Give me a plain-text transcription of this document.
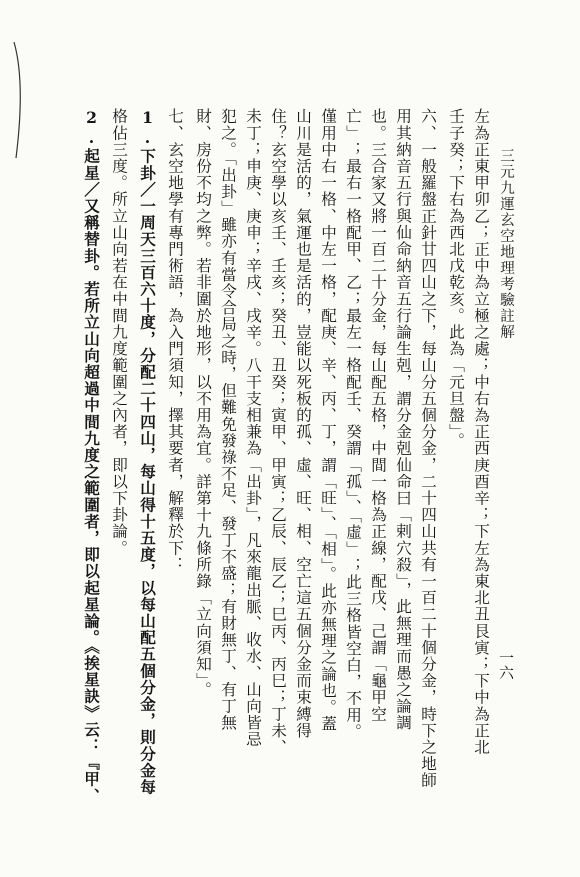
三元九運玄空地理考驗註解
一六
左為正東甲卯乙；正中為立極之處；中右為正西庚酉辛；下左為東北丑艮寅；下中為正北
壬子癸；下右為西北戊乾亥。此為「元旦盤」。
六、一般羅盤正針廿四山之下，每山分五個分金，二十四山共有一百二十個分金，時下之地師
用其納音五行與仙命納音五行論生剋，謂分金剋仙命曰「剌穴殺」，此無理而愚之論調
也。三合家又將一百二十分金，每山配五格，中間一格為正線，配戊、己謂「龜甲空
亡」；最右一格配甲、乙；最左一格配壬、癸謂「孤」、「虛」；此三格皆空白，不用。
僅用中右一格、中左一格，配庚、辛、丙、丁，謂「旺」、「相」。此亦無理之論也。蓋
山川是活的，氣運也是活的，豈能以死板的孤、虛、旺、相、空亡這五個分金而束縛得
住？玄空學以亥壬、壬亥；癸丑、丑癸；寅甲、甲寅；乙辰、辰乙；巳丙、丙巳；丁未、
未丁；申庚、庚申；辛戌、戌辛。八干支相兼為「出卦」，凡來龍出脈、收水、山向皆忌
犯之。「出卦」雖亦有當令合局之時，但難免發祿不足、發丁不盛；有財無丁、有丁無
財、房份不均之弊。若非圍於地形，以不用為宜。詳第十九條所錄「立向須知」。
七、玄空地學有專門術語，為入門須知，擇其要者，解釋於下：
1.下卦／一周天三百六十度，分配二十四山，每山得十五度，以每山配五個分金，則分金每
格佔三度。所立山向若在中間九度範圍之內者，即以下卦論。
2.起星／又稱替卦。若所立山向超過中間九度之範圍者，即以起星論。《挨星訣》云：『甲、
